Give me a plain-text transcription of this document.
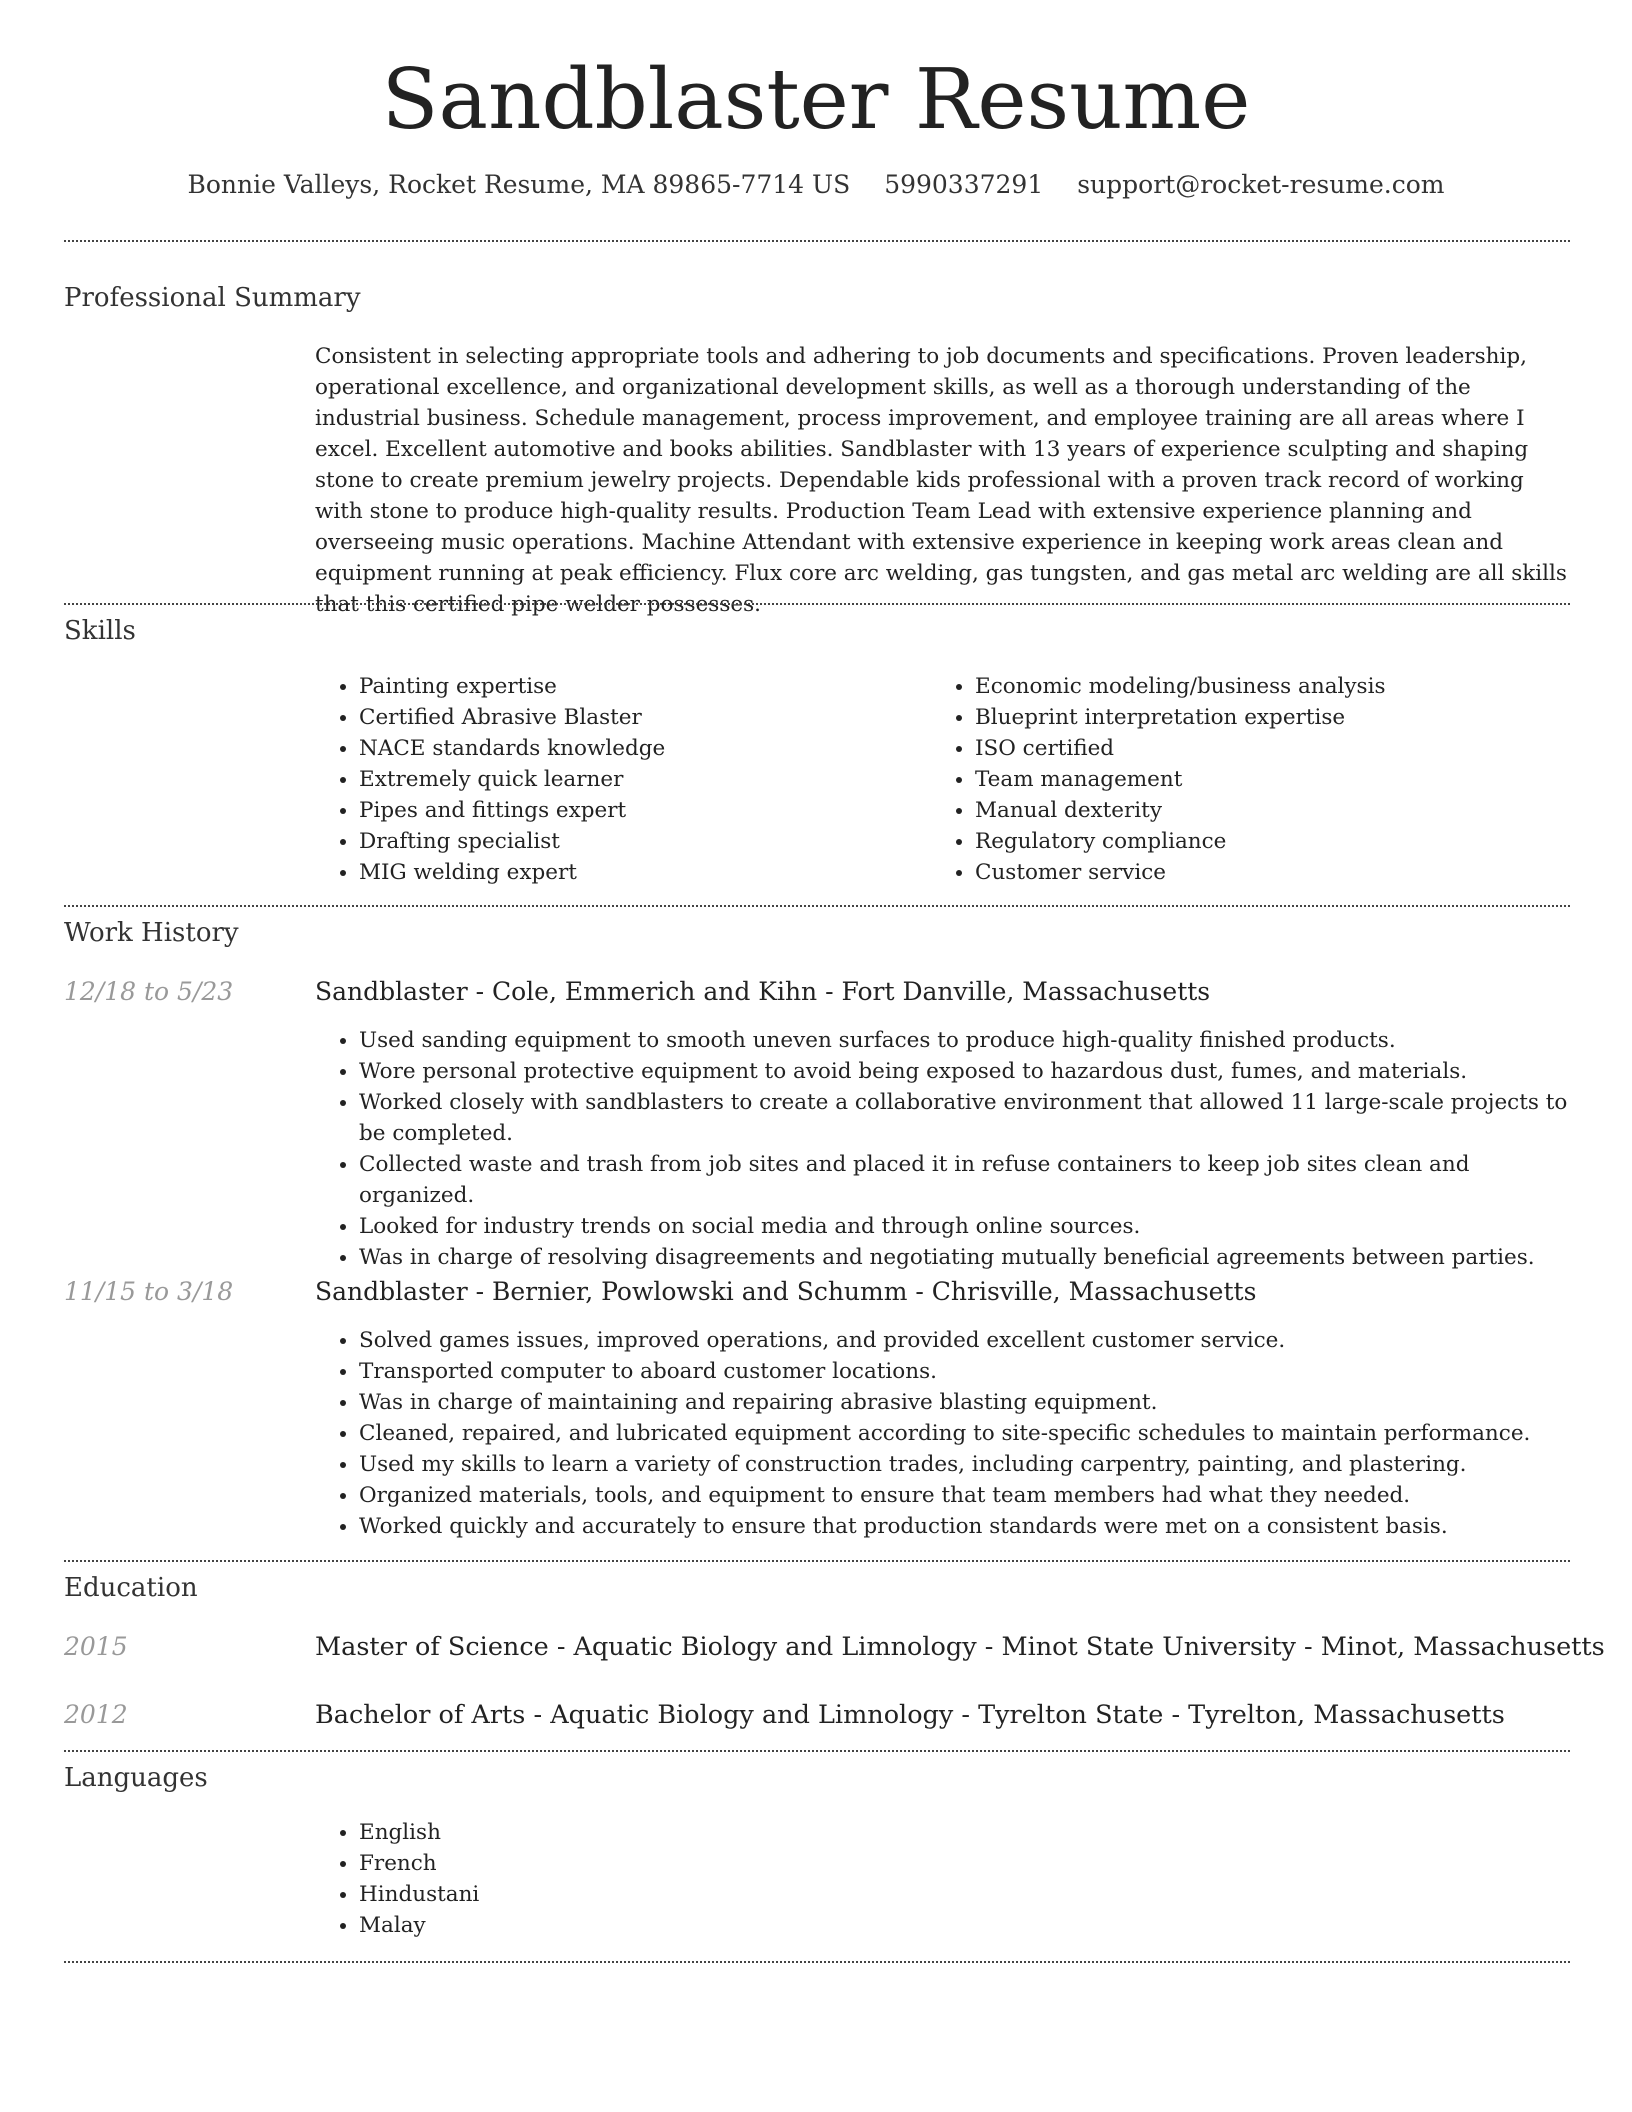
Sandblaster Resume
Bonnie Valleys, Rocket Resume, MA 89865-7714 US 5990337291 support@rocket-resume.com
Professional Summary

Consistent in selecting appropriate tools and adhering to job documents and specifications. Proven leadership, operational excellence, and organizational development skills, as well as a thorough understanding of the industrial business. Schedule management, process improvement, and employee training are all areas where I excel. Excellent automotive and books abilities. Sandblaster with 13 years of experience sculpting and shaping stone to create premium jewelry projects. Dependable kids professional with a proven track record of working with stone to produce high-quality results. Production Team Lead with extensive experience planning and overseeing music operations. Machine Attendant with extensive experience in keeping work areas clean and equipment running at peak efficiency. Flux core arc welding, gas tungsten, and gas metal arc welding are all skills that this certified pipe welder possesses.

Skills
• Painting expertise
• Certified Abrasive Blaster
• NACE standards knowledge
• Extremely quick learner
• Pipes and fittings expert
• Drafting specialist
• MIG welding expert
• Economic modeling/business analysis
• Blueprint interpretation expertise
• ISO certified
• Team management
• Manual dexterity
• Regulatory compliance
• Customer service
Work History
12/18 to 5/23	Sandblaster - Cole, Emmerich and Kihn - Fort Danville, Massachusetts
• Used sanding equipment to smooth uneven surfaces to produce high-quality finished products.
• Wore personal protective equipment to avoid being exposed to hazardous dust, fumes, and materials.
• Worked closely with sandblasters to create a collaborative environment that allowed 11 large-scale projects to be completed.
• Collected waste and trash from job sites and placed it in refuse containers to keep job sites clean and organized.
• Looked for industry trends on social media and through online sources.
• Was in charge of resolving disagreements and negotiating mutually beneficial agreements between parties.
11/15 to 3/18	Sandblaster - Bernier, Powlowski and Schumm - Chrisville, Massachusetts
• Solved games issues, improved operations, and provided excellent customer service.
• Transported computer to aboard customer locations.
• Was in charge of maintaining and repairing abrasive blasting equipment.
• Cleaned, repaired, and lubricated equipment according to site-specific schedules to maintain performance.
• Used my skills to learn a variety of construction trades, including carpentry, painting, and plastering.
• Organized materials, tools, and equipment to ensure that team members had what they needed.
• Worked quickly and accurately to ensure that production standards were met on a consistent basis.
Education
2015	Master of Science - Aquatic Biology and Limnology - Minot State University - Minot, Massachusetts
2012	Bachelor of Arts - Aquatic Biology and Limnology - Tyrelton State - Tyrelton, Massachusetts
Languages
• English
• French
• Hindustani
• Malay
